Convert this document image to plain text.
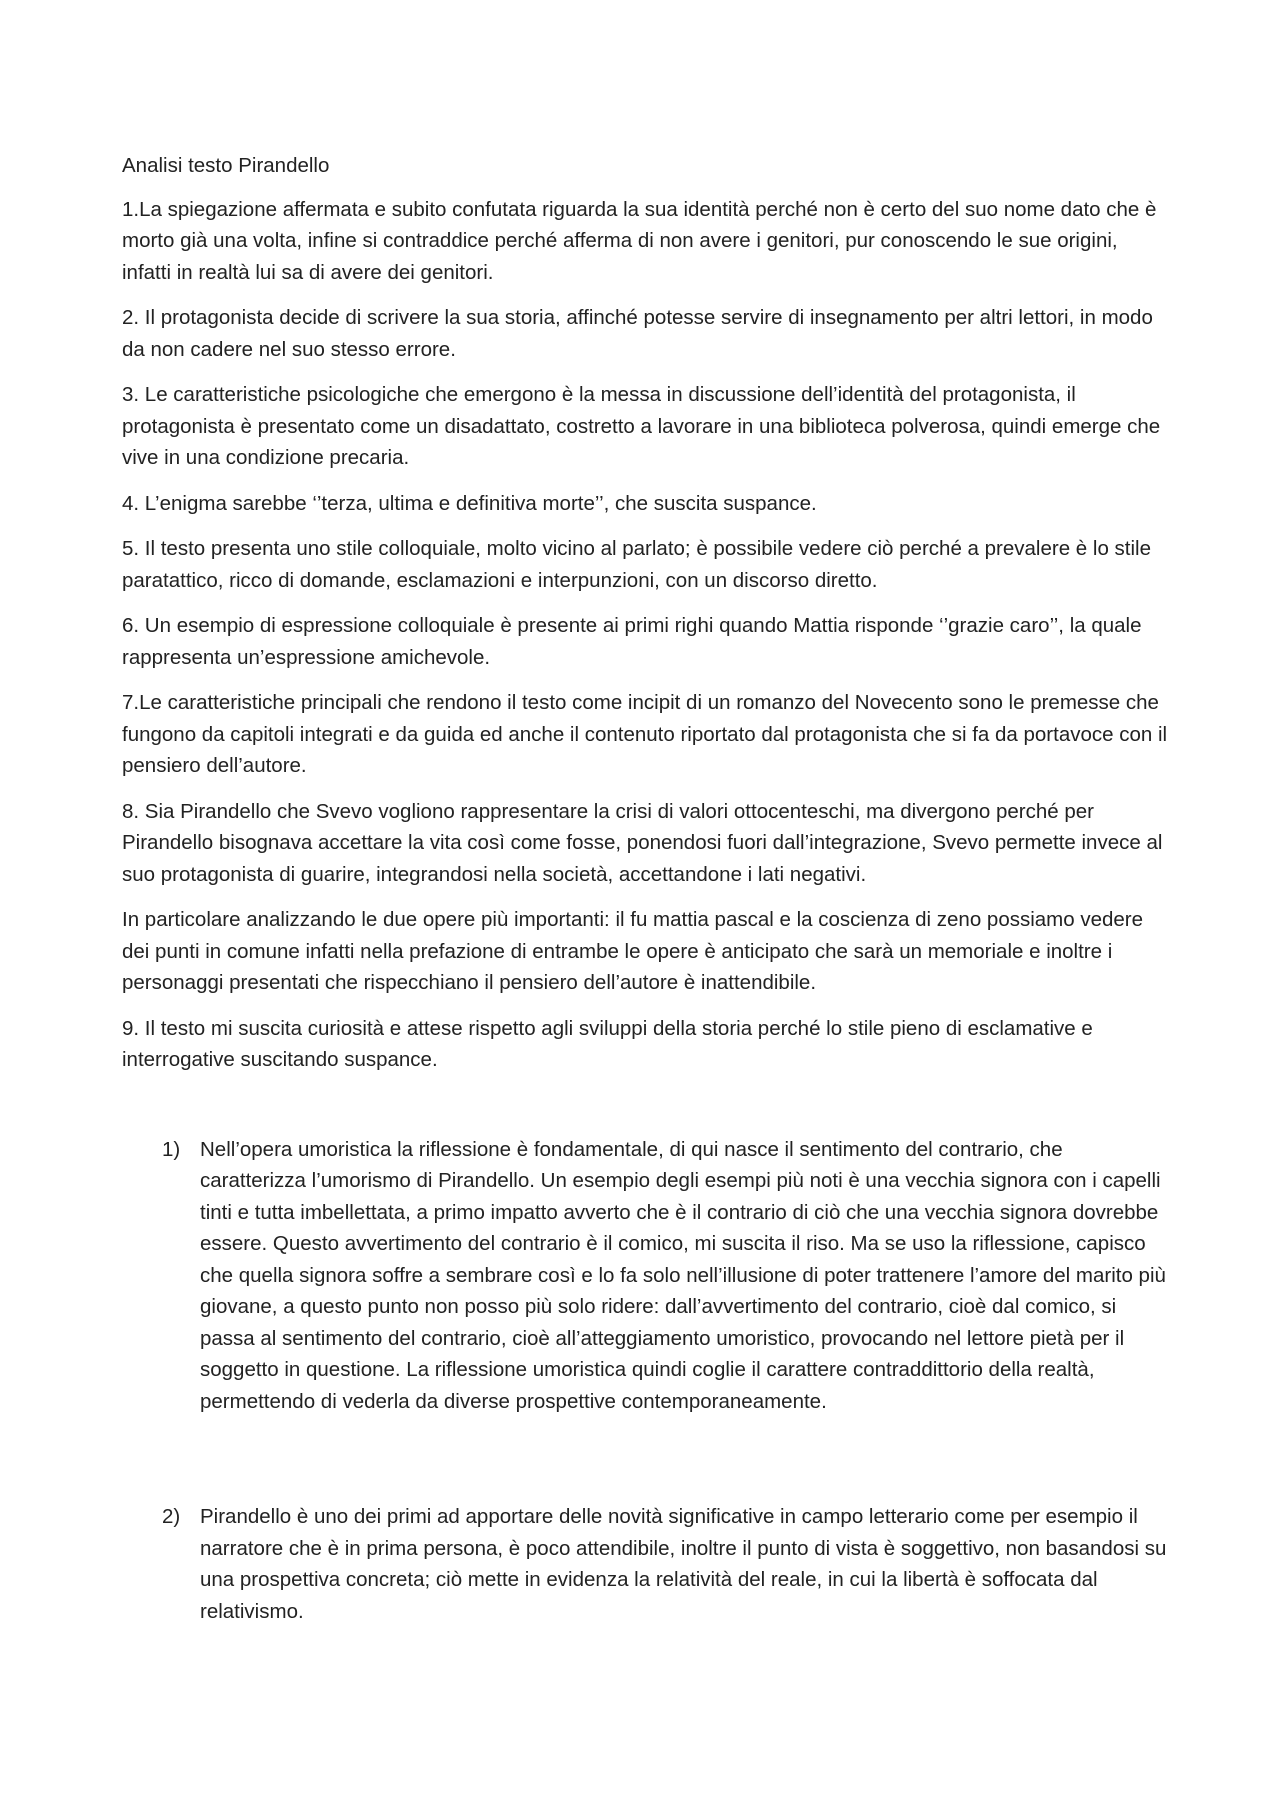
Analisi testo Pirandello

1.La spiegazione affermata e subito confutata riguarda la sua identità perché non è certo del suo nome dato che è morto già una volta, infine si contraddice perché afferma di non avere i genitori, pur conoscendo le sue origini, infatti in realtà lui sa di avere dei genitori.

2. Il protagonista decide di scrivere la sua storia, affinché potesse servire di insegnamento per altri lettori, in modo da non cadere nel suo stesso errore.

3. Le caratteristiche psicologiche che emergono è la messa in discussione dell’identità del protagonista, il protagonista è presentato come un disadattato, costretto a lavorare in una biblioteca polverosa, quindi emerge che vive in una condizione precaria.

4. L’enigma sarebbe ‘’terza, ultima e definitiva morte’’, che suscita suspance.

5. Il testo presenta uno stile colloquiale, molto vicino al parlato; è possibile vedere ciò perché a prevalere è lo stile paratattico, ricco di domande, esclamazioni e interpunzioni, con un discorso diretto.

6. Un esempio di espressione colloquiale è presente ai primi righi quando Mattia risponde ‘’grazie caro’’, la quale rappresenta un’espressione amichevole.

7.Le caratteristiche principali che rendono il testo come incipit di un romanzo del Novecento sono le premesse che fungono da capitoli integrati e da guida ed anche il contenuto riportato dal protagonista che si fa da portavoce con il pensiero dell’autore.

8. Sia Pirandello che Svevo vogliono rappresentare la crisi di valori ottocenteschi, ma divergono perché per Pirandello bisognava accettare la vita così come fosse, ponendosi fuori dall’integrazione, Svevo permette invece al suo protagonista di guarire, integrandosi nella società, accettandone i lati negativi.

In particolare analizzando le due opere più importanti: il fu mattia pascal e la coscienza di zeno possiamo vedere dei punti in comune infatti nella prefazione di entrambe le opere è anticipato che sarà un memoriale e inoltre i personaggi presentati che rispecchiano il pensiero dell’autore è inattendibile.

9. Il testo mi suscita curiosità e attese rispetto agli sviluppi della storia perché lo stile pieno di esclamative e interrogative suscitando suspance.

1) Nell’opera umoristica la riflessione è fondamentale, di qui nasce il sentimento del contrario, che caratterizza l’umorismo di Pirandello. Un esempio degli esempi più noti è una vecchia signora con i capelli tinti e tutta imbellettata, a primo impatto avverto che è il contrario di ciò che una vecchia signora dovrebbe essere. Questo avvertimento del contrario è il comico, mi suscita il riso. Ma se uso la riflessione, capisco che quella signora soffre a sembrare così e lo fa solo nell’illusione di poter trattenere l’amore del marito più giovane, a questo punto non posso più solo ridere: dall’avvertimento del contrario, cioè dal comico, si passa al sentimento del contrario, cioè all’atteggiamento umoristico, provocando nel lettore pietà per il soggetto in questione. La riflessione umoristica quindi coglie il carattere contraddittorio della realtà, permettendo di vederla da diverse prospettive contemporaneamente.
2) Pirandello è uno dei primi ad apportare delle novità significative in campo letterario come per esempio il narratore che è in prima persona, è poco attendibile, inoltre il punto di vista è soggettivo, non basandosi su una prospettiva concreta; ciò mette in evidenza la relatività del reale, in cui la libertà è soffocata dal relativismo.
